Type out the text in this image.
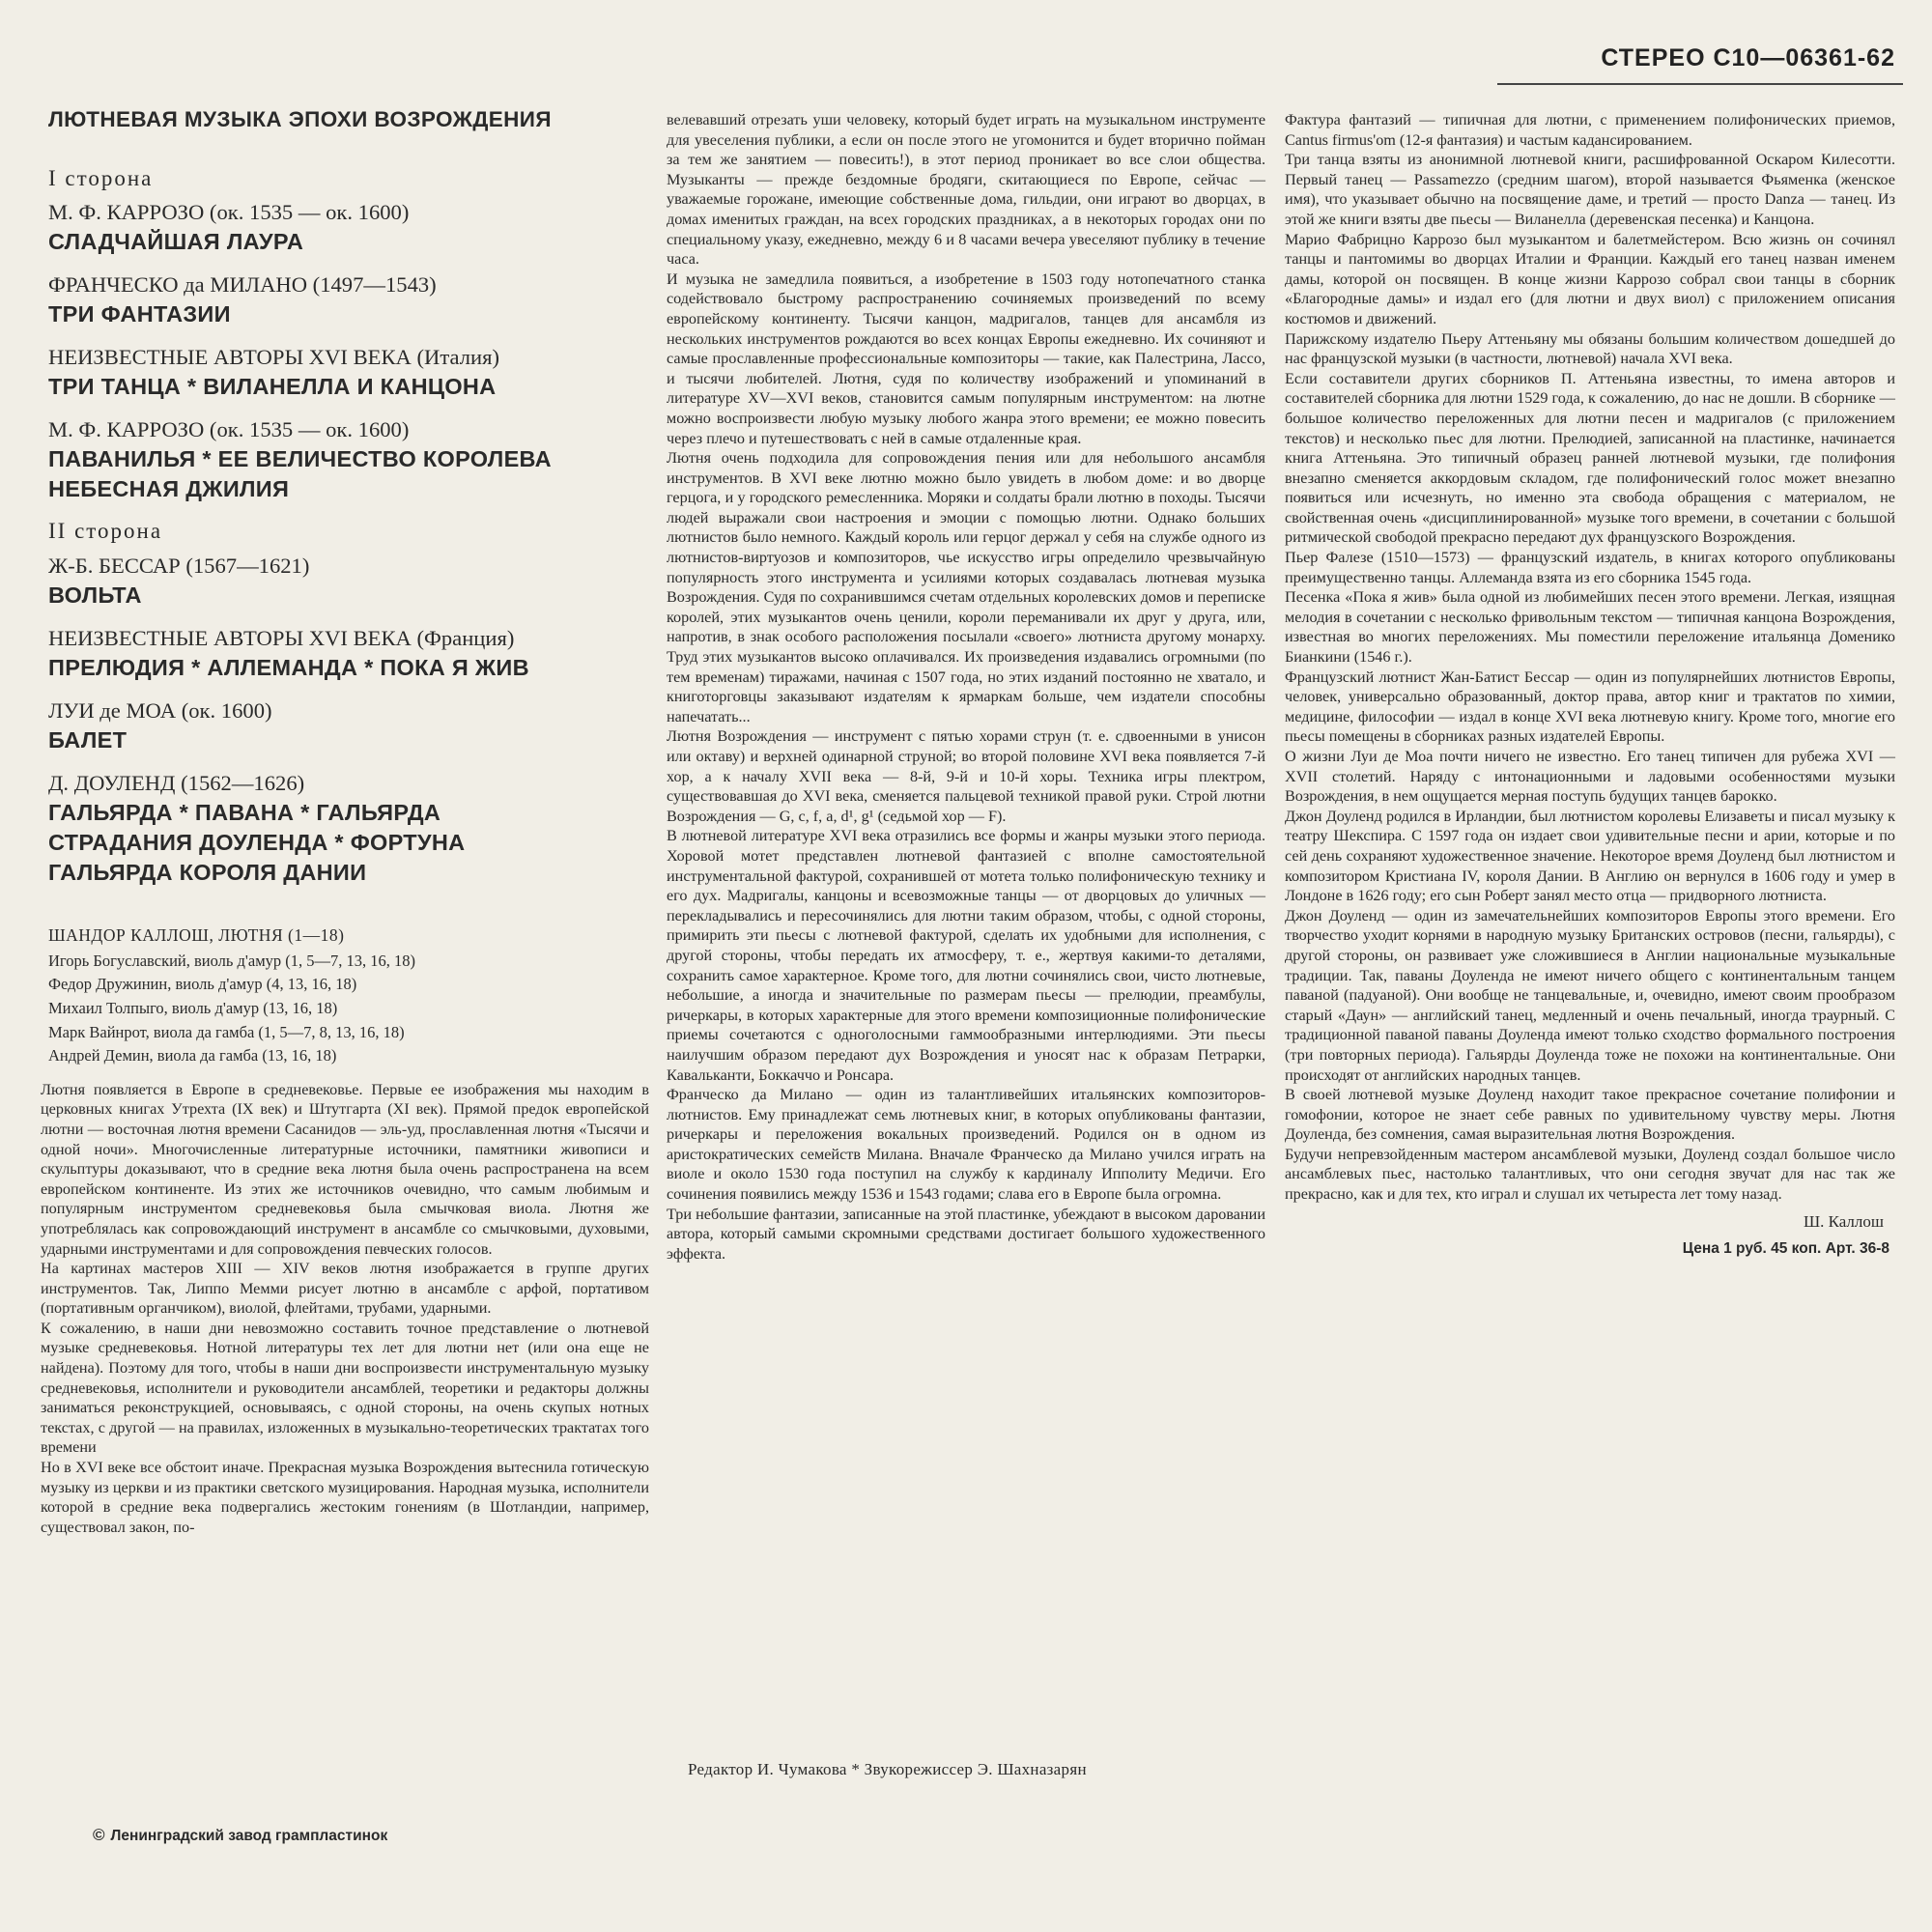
СТЕРЕО С10—06361-62
ЛЮТНЕВАЯ МУЗЫКА ЭПОХИ ВОЗРОЖДЕНИЯ
I сторона
М. Ф. КАРРОЗО (ок. 1535 — ок. 1600)
СЛАДЧАЙШАЯ ЛАУРА
ФРАНЧЕСКО да МИЛАНО (1497—1543)
ТРИ ФАНТАЗИИ
НЕИЗВЕСТНЫЕ АВТОРЫ XVI ВЕКА (Италия)
ТРИ ТАНЦА * ВИЛАНЕЛЛА И КАНЦОНА
М. Ф. КАРРОЗО (ок. 1535 — ок. 1600)
ПАВАНИЛЬЯ * ЕЕ ВЕЛИЧЕСТВО КОРОЛЕВА
НЕБЕСНАЯ ДЖИЛИЯ
II сторона
Ж-Б. БЕССАР (1567—1621)
ВОЛЬТА
НЕИЗВЕСТНЫЕ АВТОРЫ XVI ВЕКА (Франция)
ПРЕЛЮДИЯ * АЛЛЕМАНДА * ПОКА Я ЖИВ
ЛУИ де МОА (ок. 1600)
БАЛЕТ
Д. ДОУЛЕНД (1562—1626)
ГАЛЬЯРДА * ПАВАНА * ГАЛЬЯРДА
СТРАДАНИЯ ДОУЛЕНДА * ФОРТУНА
ГАЛЬЯРДА КОРОЛЯ ДАНИИ
ШАНДОР КАЛЛОШ, ЛЮТНЯ (1—18)
Игорь Богуславский, виоль д'амур (1, 5—7, 13, 16, 18)
Федор Дружинин, виоль д'амур (4, 13, 16, 18)
Михаил Толпыго, виоль д'амур (13, 16, 18)
Марк Вайнрот, виола да гамба (1, 5—7, 8, 13, 16, 18)
Андрей Демин, виола да гамба (13, 16, 18)

Лютня появляется в Европе в средневековье. Первые ее изображения мы находим в церковных книгах Утрехта (IX век) и Штутгарта (XI век). Прямой предок европейской лютни — восточная лютня времени Сасанидов — эль-уд, прославленная лютня «Тысячи и одной ночи». Многочисленные литературные источники, памятники живописи и скульптуры доказывают, что в средние века лютня была очень распространена на всем европейском континенте. Из этих же источников очевидно, что самым любимым и популярным инструментом средневековья была смычковая виола. Лютня же употреблялась как сопровождающий инструмент в ансамбле со смычковыми, духовыми, ударными инструментами и для сопровождения певческих голосов.

На картинах мастеров XIII — XIV веков лютня изображается в группе других инструментов. Так, Липпо Мемми рисует лютню в ансамбле с арфой, портативом (портативным органчиком), виолой, флейтами, трубами, ударными.

К сожалению, в наши дни невозможно составить точное представление о лютневой музыке средневековья. Нотной литературы тех лет для лютни нет (или она еще не найдена). Поэтому для того, чтобы в наши дни воспроизвести инструментальную музыку средневековья, исполнители и руководители ансамблей, теоретики и редакторы должны заниматься реконструкцией, основываясь, с одной стороны, на очень скупых нотных текстах, с другой — на правилах, изложенных в музыкально-теоретических трактатах того времени

Но в XVI веке все обстоит иначе. Прекрасная музыка Возрождения вытеснила готическую музыку из церкви и из практики светского музицирования. Народная музыка, исполнители которой в средние века подвергались жестоким гонениям (в Шотландии, например, существовал закон, по-

велевавший отрезать уши человеку, который будет играть на музыкальном инструменте для увеселения публики, а если он после этого не угомонится и будет вторично пойман за тем же занятием — повесить!), в этот период проникает во все слои общества. Музыканты — прежде бездомные бродяги, скитающиеся по Европе, сейчас — уважаемые горожане, имеющие собственные дома, гильдии, они играют во дворцах, в домах именитых граждан, на всех городских праздниках, а в некоторых городах они по специальному указу, ежедневно, между 6 и 8 часами вечера увеселяют публику в течение часа.

И музыка не замедлила появиться, а изобретение в 1503 году нотопечатного станка содействовало быстрому распространению сочиняемых произведений по всему европейскому континенту. Тысячи канцон, мадригалов, танцев для ансамбля из нескольких инструментов рождаются во всех концах Европы ежедневно. Их сочиняют и самые прославленные профессиональные композиторы — такие, как Палестрина, Лассо, и тысячи любителей. Лютня, судя по количеству изображений и упоминаний в литературе XV—XVI веков, становится самым популярным инструментом: на лютне можно воспроизвести любую музыку любого жанра этого времени; ее можно повесить через плечо и путешествовать с ней в самые отдаленные края.

Лютня очень подходила для сопровождения пения или для небольшого ансамбля инструментов. В XVI веке лютню можно было увидеть в любом доме: и во дворце герцога, и у городского ремесленника. Моряки и солдаты брали лютню в походы. Тысячи людей выражали свои настроения и эмоции с помощью лютни. Однако больших лютнистов было немного. Каждый король или герцог держал у себя на службе одного из лютнистов-виртуозов и композиторов, чье искусство игры определило чрезвычайную популярность этого инструмента и усилиями которых создавалась лютневая музыка Возрождения. Судя по сохранившимся счетам отдельных королевских домов и переписке королей, этих музыкантов очень ценили, короли переманивали их друг у друга, или, напротив, в знак особого расположения посылали «своего» лютниста другому монарху. Труд этих музыкантов высоко оплачивался. Их произведения издавались огромными (по тем временам) тиражами, начиная с 1507 года, но этих изданий постоянно не хватало, и книготорговцы заказывают издателям к ярмаркам больше, чем издатели способны напечатать...

Лютня Возрождения — инструмент с пятью хорами струн (т. е. сдвоенными в унисон или октаву) и верхней одинарной струной; во второй половине XVI века появляется 7-й хор, а к началу XVII века — 8-й, 9-й и 10-й хоры. Техника игры плектром, существовавшая до XVI века, сменяется пальцевой техникой правой руки. Строй лютни Возрождения — G, c, f, a, d¹, g¹ (седьмой хор — F).

В лютневой литературе XVI века отразились все формы и жанры музыки этого периода. Хоровой мотет представлен лютневой фантазией с вполне самостоятельной инструментальной фактурой, сохранившей от мотета только полифоническую технику и его дух. Мадригалы, канцоны и всевозможные танцы — от дворцовых до уличных — перекладывались и пересочинялись для лютни таким образом, чтобы, с одной стороны, примирить эти пьесы с лютневой фактурой, сделать их удобными для исполнения, с другой стороны, чтобы передать их атмосферу, т. е., жертвуя какими-то деталями, сохранить самое характерное. Кроме того, для лютни сочинялись свои, чисто лютневые, небольшие, а иногда и значительные по размерам пьесы — прелюдии, преамбулы, ричеркары, в которых характерные для этого времени композиционные полифонические приемы сочетаются с одноголосными гаммообразными интерлюдиями. Эти пьесы наилучшим образом передают дух Возрождения и уносят нас к образам Петрарки, Кавальканти, Боккаччо и Ронсара.

Франческо да Милано — один из талантливейших итальянских композиторов-лютнистов. Ему принадлежат семь лютневых книг, в которых опубликованы фантазии, ричеркары и переложения вокальных произведений. Родился он в одном из аристократических семейств Милана. Вначале Франческо да Милано учился играть на виоле и около 1530 года поступил на службу к кардиналу Ипполиту Медичи. Его сочинения появились между 1536 и 1543 годами; слава его в Европе была огромна.

Три небольшие фантазии, записанные на этой пластинке, убеждают в высоком даровании автора, который самыми скромными средствами достигает большого художественного эффекта.

Фактура фантазий — типичная для лютни, с применением полифонических приемов, Cantus firmus'om (12-я фантазия) и частым кадансированием.

Три танца взяты из анонимной лютневой книги, расшифрованной Оскаром Килесотти. Первый танец — Passamezzo (средним шагом), второй называется Фьяменка (женское имя), что указывает обычно на посвящение даме, и третий — просто Danza — танец. Из этой же книги взяты две пьесы — Виланелла (деревенская песенка) и Канцона.

Марио Фабрицно Каррозо был музыкантом и балетмейстером. Всю жизнь он сочинял танцы и пантомимы во дворцах Италии и Франции. Каждый его танец назван именем дамы, которой он посвящен. В конце жизни Каррозо собрал свои танцы в сборник «Благородные дамы» и издал его (для лютни и двух виол) с приложением описания костюмов и движений.

Парижскому издателю Пьеру Аттеньяну мы обязаны большим количеством дошедшей до нас французской музыки (в частности, лютневой) начала XVI века.

Если составители других сборников П. Аттеньяна известны, то имена авторов и составителей сборника для лютни 1529 года, к сожалению, до нас не дошли. В сборнике — большое количество переложенных для лютни песен и мадригалов (с приложением текстов) и несколько пьес для лютни. Прелюдией, записанной на пластинке, начинается книга Аттеньяна. Это типичный образец ранней лютневой музыки, где полифония внезапно сменяется аккордовым складом, где полифонический голос может внезапно появиться или исчезнуть, но именно эта свобода обращения с материалом, не свойственная очень «дисциплинированной» музыке того времени, в сочетании с большой ритмической свободой прекрасно передают дух французского Возрождения.

Пьер Фалезе (1510—1573) — французский издатель, в книгах которого опубликованы преимущественно танцы. Аллеманда взята из его сборника 1545 года.

Песенка «Пока я жив» была одной из любимейших песен этого времени. Легкая, изящная мелодия в сочетании с несколько фривольным текстом — типичная канцона Возрождения, известная во многих переложениях. Мы поместили переложение итальянца Доменико Бианкини (1546 г.).

Французский лютнист Жан-Батист Бессар — один из популярнейших лютнистов Европы, человек, универсально образованный, доктор права, автор книг и трактатов по химии, медицине, философии — издал в конце XVI века лютневую книгу. Кроме того, многие его пьесы помещены в сборниках разных издателей Европы.

О жизни Луи де Моа почти ничего не известно. Его танец типичен для рубежа XVI — XVII столетий. Наряду с интонационными и ладовыми особенностями музыки Возрождения, в нем ощущается мерная поступь будущих танцев барокко.

Джон Доуленд родился в Ирландии, был лютнистом королевы Елизаветы и писал музыку к театру Шекспира. С 1597 года он издает свои удивительные песни и арии, которые и по сей день сохраняют художественное значение. Некоторое время Доуленд был лютнистом и композитором Кристиана IV, короля Дании. В Англию он вернулся в 1606 году и умер в Лондоне в 1626 году; его сын Роберт занял место отца — придворного лютниста.

Джон Доуленд — один из замечательнейших композиторов Европы этого времени. Его творчество уходит корнями в народную музыку Британских островов (песни, гальярды), с другой стороны, он развивает уже сложившиеся в Англии национальные музыкальные традиции. Так, паваны Доуленда не имеют ничего общего с континентальным танцем паваной (падуаной). Они вообще не танцевальные, и, очевидно, имеют своим прообразом старый «Даун» — английский танец, медленный и очень печальный, иногда траурный. С традиционной паваной паваны Доуленда имеют только сходство формального построения (три повторных периода). Гальярды Доуленда тоже не похожи на континентальные. Они происходят от английских народных танцев.

В своей лютневой музыке Доуленд находит такое прекрасное сочетание полифонии и гомофонии, которое не знает себе равных по удивительному чувству меры. Лютня Доуленда, без сомнения, самая выразительная лютня Возрождения.

Будучи непревзойденным мастером ансамблевой музыки, Доуленд создал большое число ансамблевых пьес, настолько талантливых, что они сегодня звучат для нас так же прекрасно, как и для тех, кто играл и слушал их четыреста лет тому назад.

Ш. Каллош
Цена 1 руб. 45 коп. Арт. 36-8
Редактор И. Чумакова * Звукорежиссер Э. Шахназарян
© Ленинградский завод грампластинок
